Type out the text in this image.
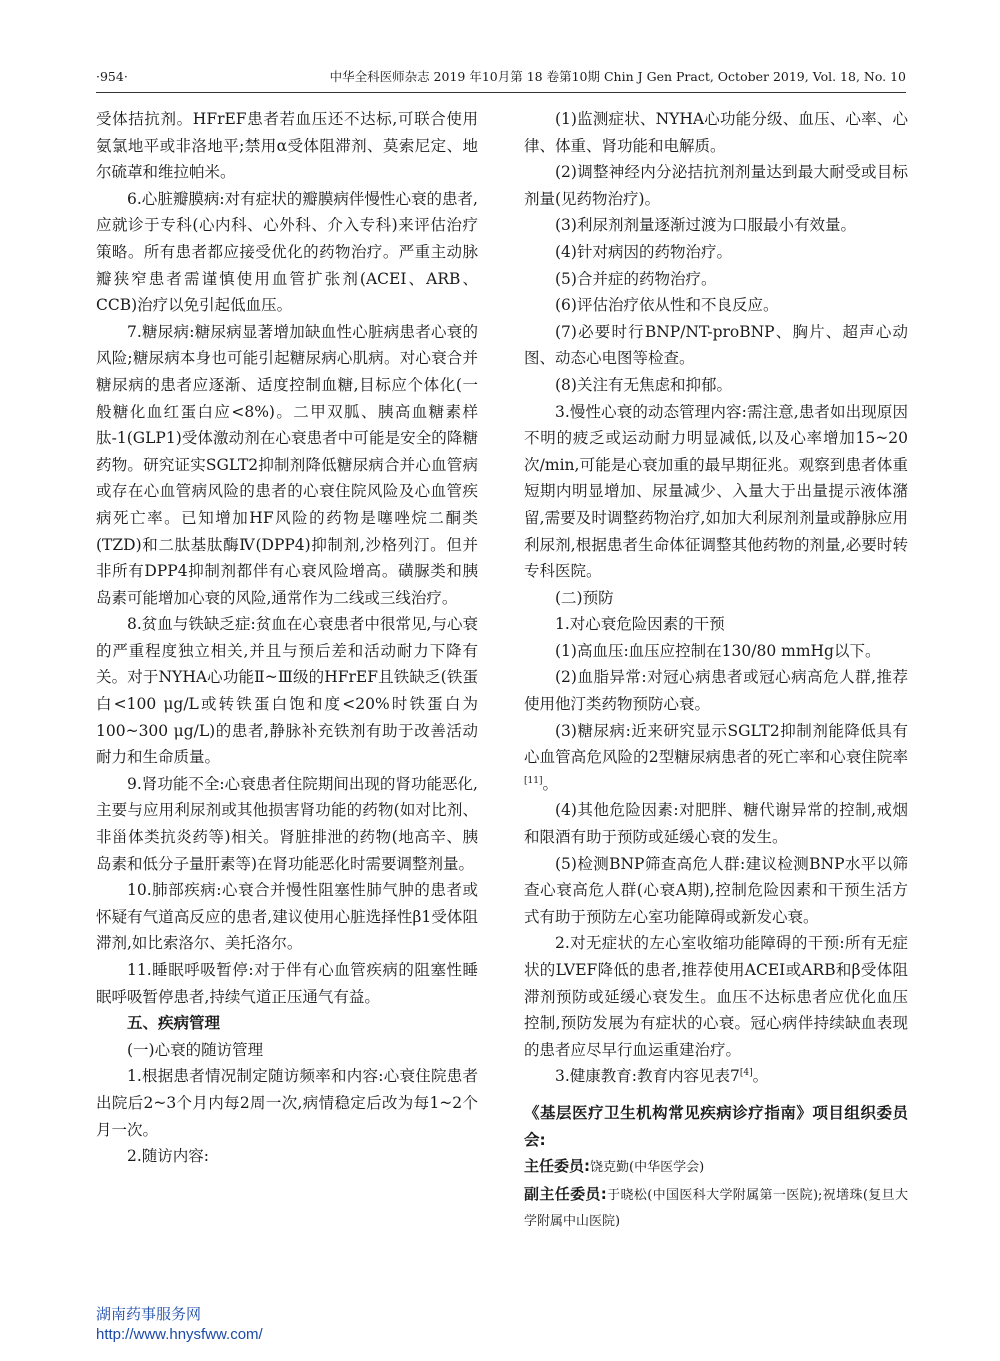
·954·	中华全科医师杂志 2019 年10月第 18 卷第10期 Chin J Gen Pract, October 2019, Vol. 18, No. 10

受体拮抗剂。HFrEF患者若血压还不达标,可联合使用氨氯地平或非洛地平;禁用α受体阻滞剂、莫索尼定、地尔硫䓬和维拉帕米。

6.心脏瓣膜病:对有症状的瓣膜病伴慢性心衰的患者,应就诊于专科(心内科、心外科、介入专科)来评估治疗策略。所有患者都应接受优化的药物治疗。严重主动脉瓣狭窄患者需谨慎使用血管扩张剂(ACEI、ARB、CCB)治疗以免引起低血压。

7.糖尿病:糖尿病显著增加缺血性心脏病患者心衰的风险;糖尿病本身也可能引起糖尿病心肌病。对心衰合并糖尿病的患者应逐渐、适度控制血糖,目标应个体化(一般糖化血红蛋白应<8%)。二甲双胍、胰高血糖素样肽-1(GLP1)受体激动剂在心衰患者中可能是安全的降糖药物。研究证实SGLT2抑制剂降低糖尿病合并心血管病或存在心血管病风险的患者的心衰住院风险及心血管疾病死亡率。已知增加HF风险的药物是噻唑烷二酮类(TZD)和二肽基肽酶Ⅳ(DPP4)抑制剂,沙格列汀。但并非所有DPP4抑制剂都伴有心衰风险增高。磺脲类和胰岛素可能增加心衰的风险,通常作为二线或三线治疗。

8.贫血与铁缺乏症:贫血在心衰患者中很常见,与心衰的严重程度独立相关,并且与预后差和活动耐力下降有关。对于NYHA心功能Ⅱ~Ⅲ级的HFrEF且铁缺乏(铁蛋白<100 μg/L或转铁蛋白饱和度<20%时铁蛋白为100~300 μg/L)的患者,静脉补充铁剂有助于改善活动耐力和生命质量。

9.肾功能不全:心衰患者住院期间出现的肾功能恶化,主要与应用利尿剂或其他损害肾功能的药物(如对比剂、非甾体类抗炎药等)相关。肾脏排泄的药物(地高辛、胰岛素和低分子量肝素等)在肾功能恶化时需要调整剂量。

10.肺部疾病:心衰合并慢性阻塞性肺气肿的患者或怀疑有气道高反应的患者,建议使用心脏选择性β1受体阻滞剂,如比索洛尔、美托洛尔。

11.睡眠呼吸暂停:对于伴有心血管疾病的阻塞性睡眠呼吸暂停患者,持续气道正压通气有益。

五、疾病管理

(一)心衰的随访管理

1.根据患者情况制定随访频率和内容:心衰住院患者出院后2~3个月内每2周一次,病情稳定后改为每1~2个月一次。

2.随访内容:

(1)监测症状、NYHA心功能分级、血压、心率、心律、体重、肾功能和电解质。

(2)调整神经内分泌拮抗剂剂量达到最大耐受或目标剂量(见药物治疗)。

(3)利尿剂剂量逐渐过渡为口服最小有效量。

(4)针对病因的药物治疗。

(5)合并症的药物治疗。

(6)评估治疗依从性和不良反应。

(7)必要时行BNP/NT-proBNP、胸片、超声心动图、动态心电图等检查。

(8)关注有无焦虑和抑郁。

3.慢性心衰的动态管理内容:需注意,患者如出现原因不明的疲乏或运动耐力明显减低,以及心率增加15~20次/min,可能是心衰加重的最早期征兆。观察到患者体重短期内明显增加、尿量减少、入量大于出量提示液体潴留,需要及时调整药物治疗,如加大利尿剂剂量或静脉应用利尿剂,根据患者生命体征调整其他药物的剂量,必要时转专科医院。

(二)预防

1.对心衰危险因素的干预

(1)高血压:血压应控制在130/80 mmHg以下。

(2)血脂异常:对冠心病患者或冠心病高危人群,推荐使用他汀类药物预防心衰。

(3)糖尿病:近来研究显示SGLT2抑制剂能降低具有心血管高危风险的2型糖尿病患者的死亡率和心衰住院率[11]。

(4)其他危险因素:对肥胖、糖代谢异常的控制,戒烟和限酒有助于预防或延缓心衰的发生。

(5)检测BNP筛查高危人群:建议检测BNP水平以筛查心衰高危人群(心衰A期),控制危险因素和干预生活方式有助于预防左心室功能障碍或新发心衰。

2.对无症状的左心室收缩功能障碍的干预:所有无症状的LVEF降低的患者,推荐使用ACEI或ARB和β受体阻滞剂预防或延缓心衰发生。血压不达标患者应优化血压控制,预防发展为有症状的心衰。冠心病伴持续缺血表现的患者应尽早行血运重建治疗。

3.健康教育:教育内容见表7[4]。

《基层医疗卫生机构常见疾病诊疗指南》项目组织委员会:

主任委员:饶克勤(中华医学会)

副主任委员:于晓松(中国医科大学附属第一医院);祝墡珠(复旦大学附属中山医院)

湖南药事服务网
http://www.hnysfww.com/
